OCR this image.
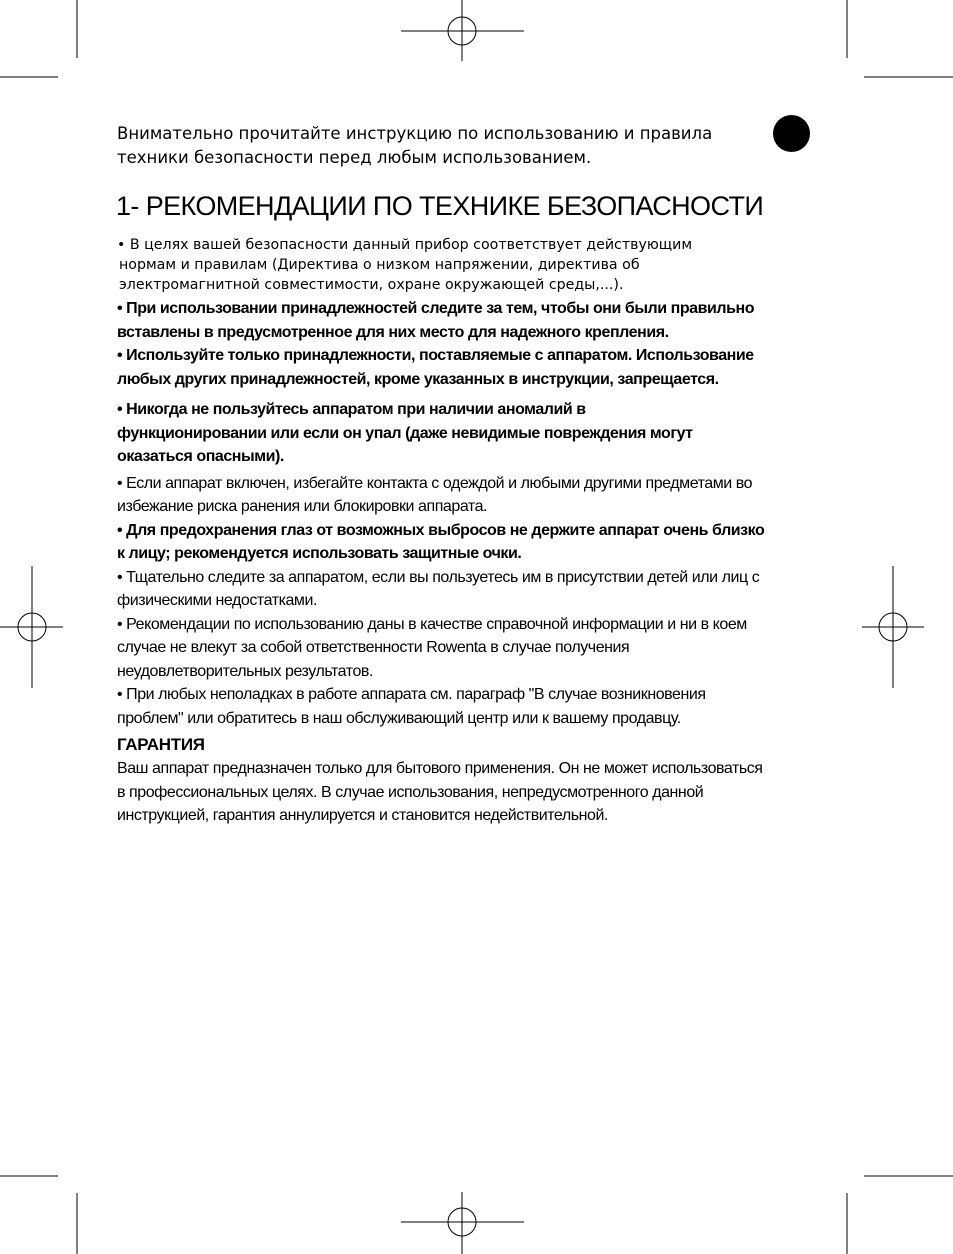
Внимательно прочитайте инструкцию по использованию и правила
техники безопасности перед любым использованием.

1- РЕКОМЕНДАЦИИ ПО ТЕХНИКЕ БЕЗОПАСНОСТИ

• В целях вашей безопасности данный прибор соответствует действующим
нормам и правилам (Директива о низком напряжении, директива об
электромагнитной совместимости, охране окружающей среды,...).

• При использовании принадлежностей следите за тем, чтобы они были правильно
вставлены в предусмотренное для них место для надежного крепления.

• Используйте только принадлежности, поставляемые с аппаратом. Использование
любых других принадлежностей, кроме указанных в инструкции, запрещается.

• Никогда не пользуйтесь аппаратом при наличии аномалий в
функционировании или если он упал (даже невидимые повреждения могут
оказаться опасными).

• Если аппарат включен, избегайте контакта с одеждой и любыми другими предметами во
избежание риска ранения или блокировки аппарата.

• Для предохранения глаз от возможных выбросов не держите аппарат очень близко
к лицу; рекомендуется использовать защитные очки.

• Тщательно следите за аппаратом, если вы пользуетесь им в присутствии детей или лиц с
физическими недостатками.

• Рекомендации по использованию даны в качестве справочной информации и ни в коем
случае не влекут за собой ответственности Rowenta в случае получения
неудовлетворительных результатов.

• При любых неполадках в работе аппарата см. параграф "В случае возникновения
проблем" или обратитесь в наш обслуживающий центр или к вашему продавцу.

ГАРАНТИЯ

Ваш аппарат предназначен только для бытового применения. Он не может использоваться
в профессиональных целях. В случае использования, непредусмотренного данной
инструкцией, гарантия аннулируется и становится недействительной.
